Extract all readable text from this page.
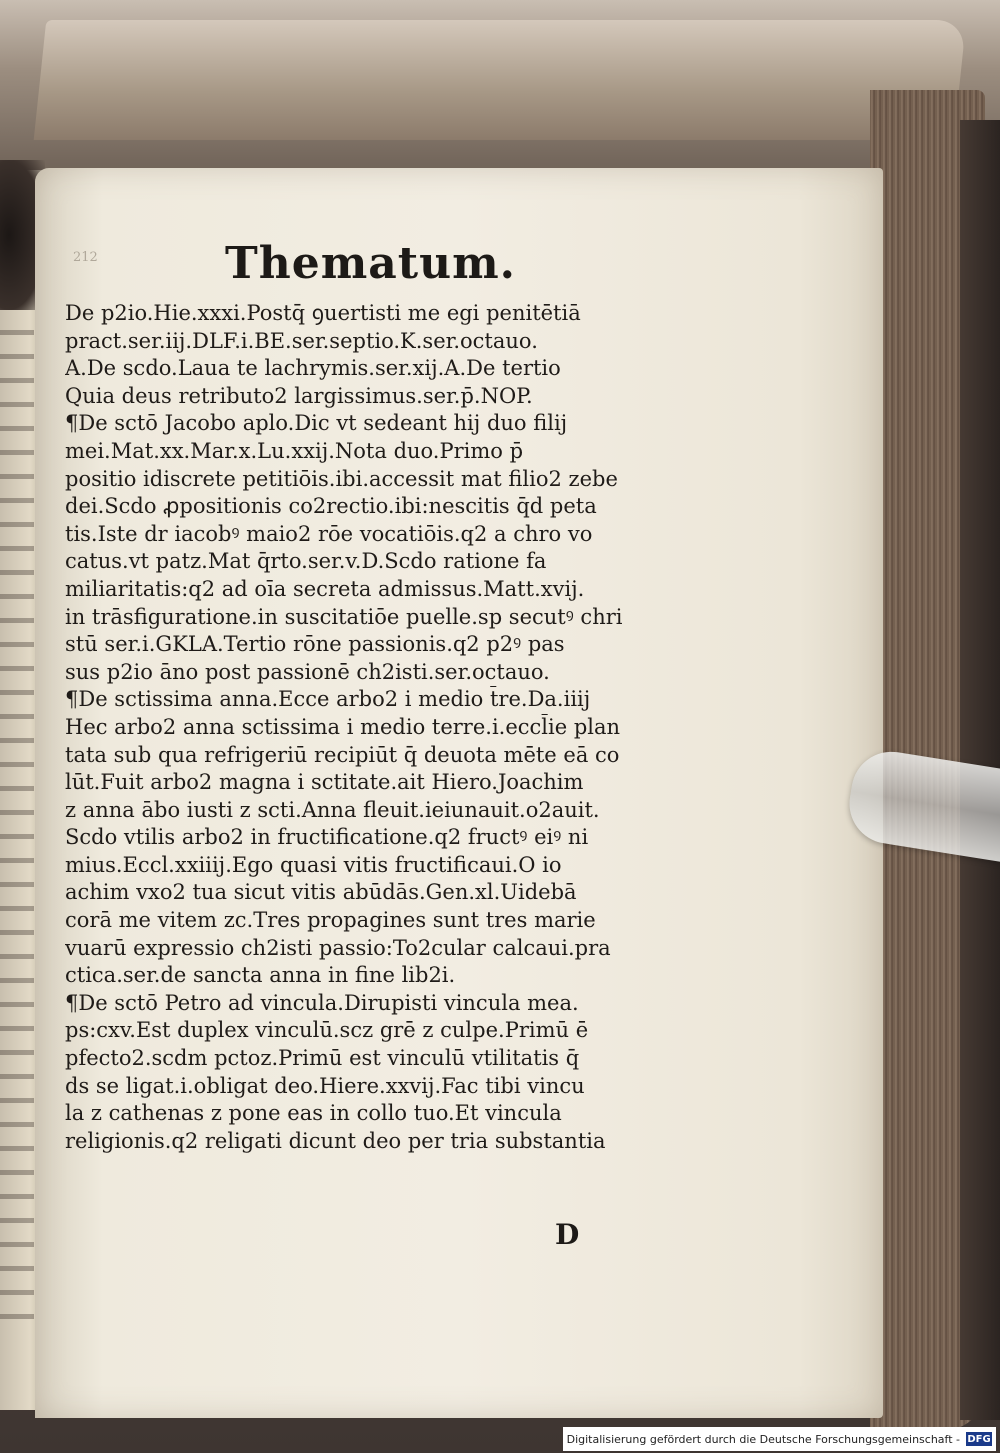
212	Thematum.
De p2io.Hie.xxxi.Postq̄ ꝯuertisti me egi penitētiā
pract.ser.iij.DLF.i.BE.ser.septio.K.ser.octauo.
A.De scdo.Laua te lachrymis.ser.xij.A.De tertio
Quia deus retributo2 largissimus.ser.p̄.NOP.
¶De sctō Jacobo aplo.Dic vt sedeant hij duo filij
mei.Mat.xx.Mar.x.Lu.xxij.Nota duo.Primo p̄
positio idiscrete petitiōis.ibi.accessit mat filio2 zebe
dei.Scdo ꝓpositionis co2rectio.ibi:nescitis q̄d peta
tis.Iste dr iacobꝰ maio2 rōe vocatiōis.q2 a chro vo
catus.vt patz.Mat q̄rto.ser.v.D.Scdo ratione fa
miliaritatis:q2 ad oīa secreta admissus.Matt.xvij.
in trāsfiguratione.in suscitatiōe puelle.sp secutꝰ chri
stū ser.i.GKLA.Tertio rōne passionis.q2 p2ꝰ pas
sus p2io āno post passionē ch2isti.ser.octauo.
¶De sctissima anna.Ecce arbo2 i medio t̄re.Da.iiij
Hec arbo2 anna sctissima i medio terre.i.eccl̄ie plan
tata sub qua refrigeriū recipiūt q̄ deuota mēte eā co
lūt.Fuit arbo2 magna i sctitate.ait Hiero.Joachim
z anna ābo iusti z scti.Anna fleuit.ieiunauit.o2auit.
Scdo vtilis arbo2 in fructificatione.q2 fructꝰ eiꝰ ni
mius.Eccl.xxiiij.Ego quasi vitis fructificaui.O io
achim vxo2 tua sicut vitis abūdās.Gen.xl.Uidebā
corā me vitem zc.Tres propagines sunt tres marie
vuarū expressio ch2isti passio:To2cular calcaui.pra
ctica.ser.de sancta anna in fine lib2i.
¶De sctō Petro ad vincula.Dirupisti vincula mea.
ps:cxv.Est duplex vinculū.scz grē z culpe.Primū ē
pfecto2.scdm pctoz.Primū est vinculū vtilitatis q̄
ds se ligat.i.obligat deo.Hiere.xxvij.Fac tibi vincu
la z cathenas z pone eas in collo tuo.Et vincula
religionis.q2 religati dicunt deo per tria substantia
D
Digitalisierung gefördert durch die Deutsche Forschungsgemeinschaft - DFG
